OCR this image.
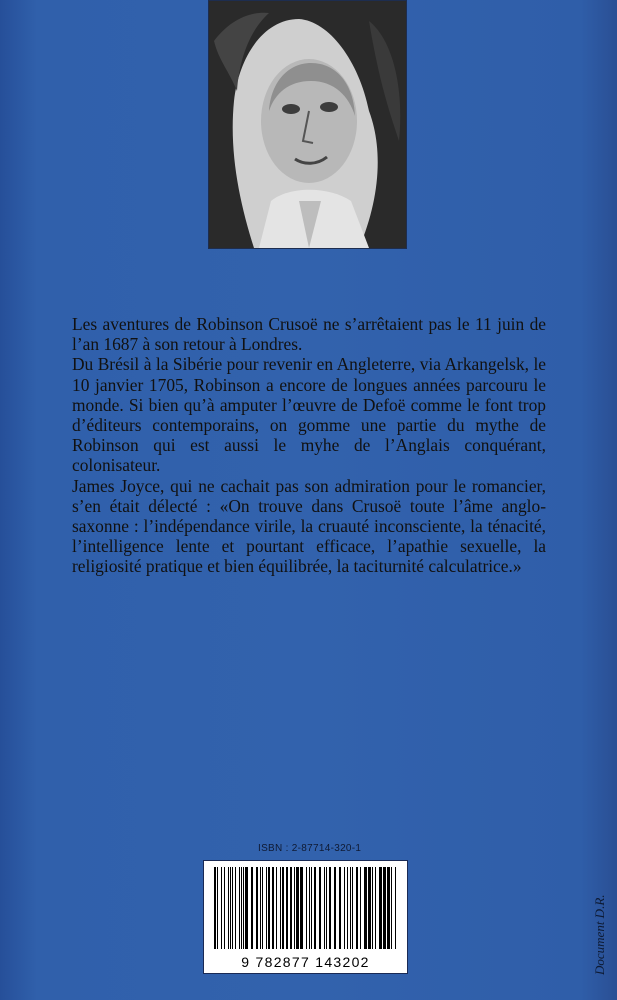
Les aventures de Robinson Crusoë ne s’arrêtaient pas le 11 juin de l’an 1687 à son retour à Londres.

Du Brésil à la Sibérie pour revenir en Angleterre, via Arkangelsk, le 10 janvier 1705, Robinson a encore de longues années parcouru le monde. Si bien qu’à amputer l’œuvre de Defoë comme le font trop d’éditeurs contemporains, on gomme une partie du mythe de Robinson qui est aussi le myhe de l’Anglais conquérant, colonisateur.

James Joyce, qui ne cachait pas son admiration pour le romancier, s’en était délecté : «On trouve dans Crusoë toute l’âme anglo-saxonne : l’indépendance virile, la cruauté inconsciente, la ténacité, l’intelligence lente et pourtant efficace, l’apathie sexuelle, la religiosité pratique et bien équilibrée, la taciturnité calculatrice.»

ISBN : 2-87714-320-1
9 782877 143202	Document D.R.
